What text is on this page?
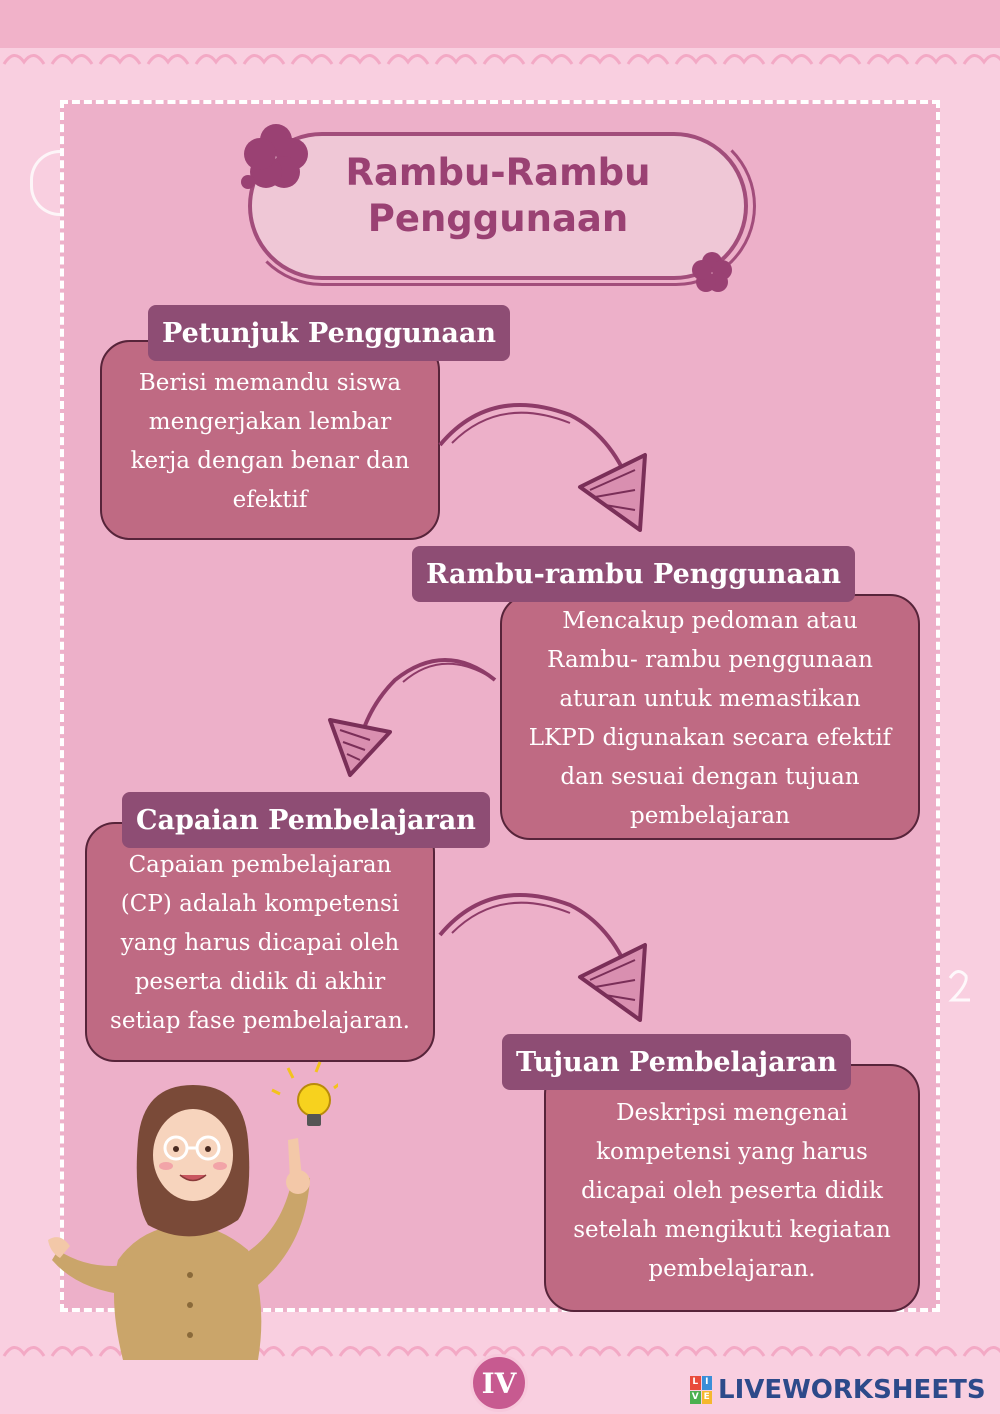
Rambu-Rambu
Penggunaan
Berisi memandu siswa
mengerjakan lembar
kerja dengan benar dan
efektif
Petunjuk Penggunaan
Mencakup pedoman atau
Rambu- rambu penggunaan
aturan untuk memastikan
LKPD digunakan secara efektif
dan sesuai dengan tujuan
pembelajaran
Rambu-rambu Penggunaan
Capaian pembelajaran
(CP) adalah kompetensi
yang harus dicapai oleh
peserta didik di akhir
setiap fase pembelajaran.
Capaian Pembelajaran
Deskripsi mengenai
kompetensi yang harus
dicapai oleh peserta didik
setelah mengikuti kegiatan
pembelajaran.
Tujuan Pembelajaran
IV	L I
V E LIVEWORKSHEETS
